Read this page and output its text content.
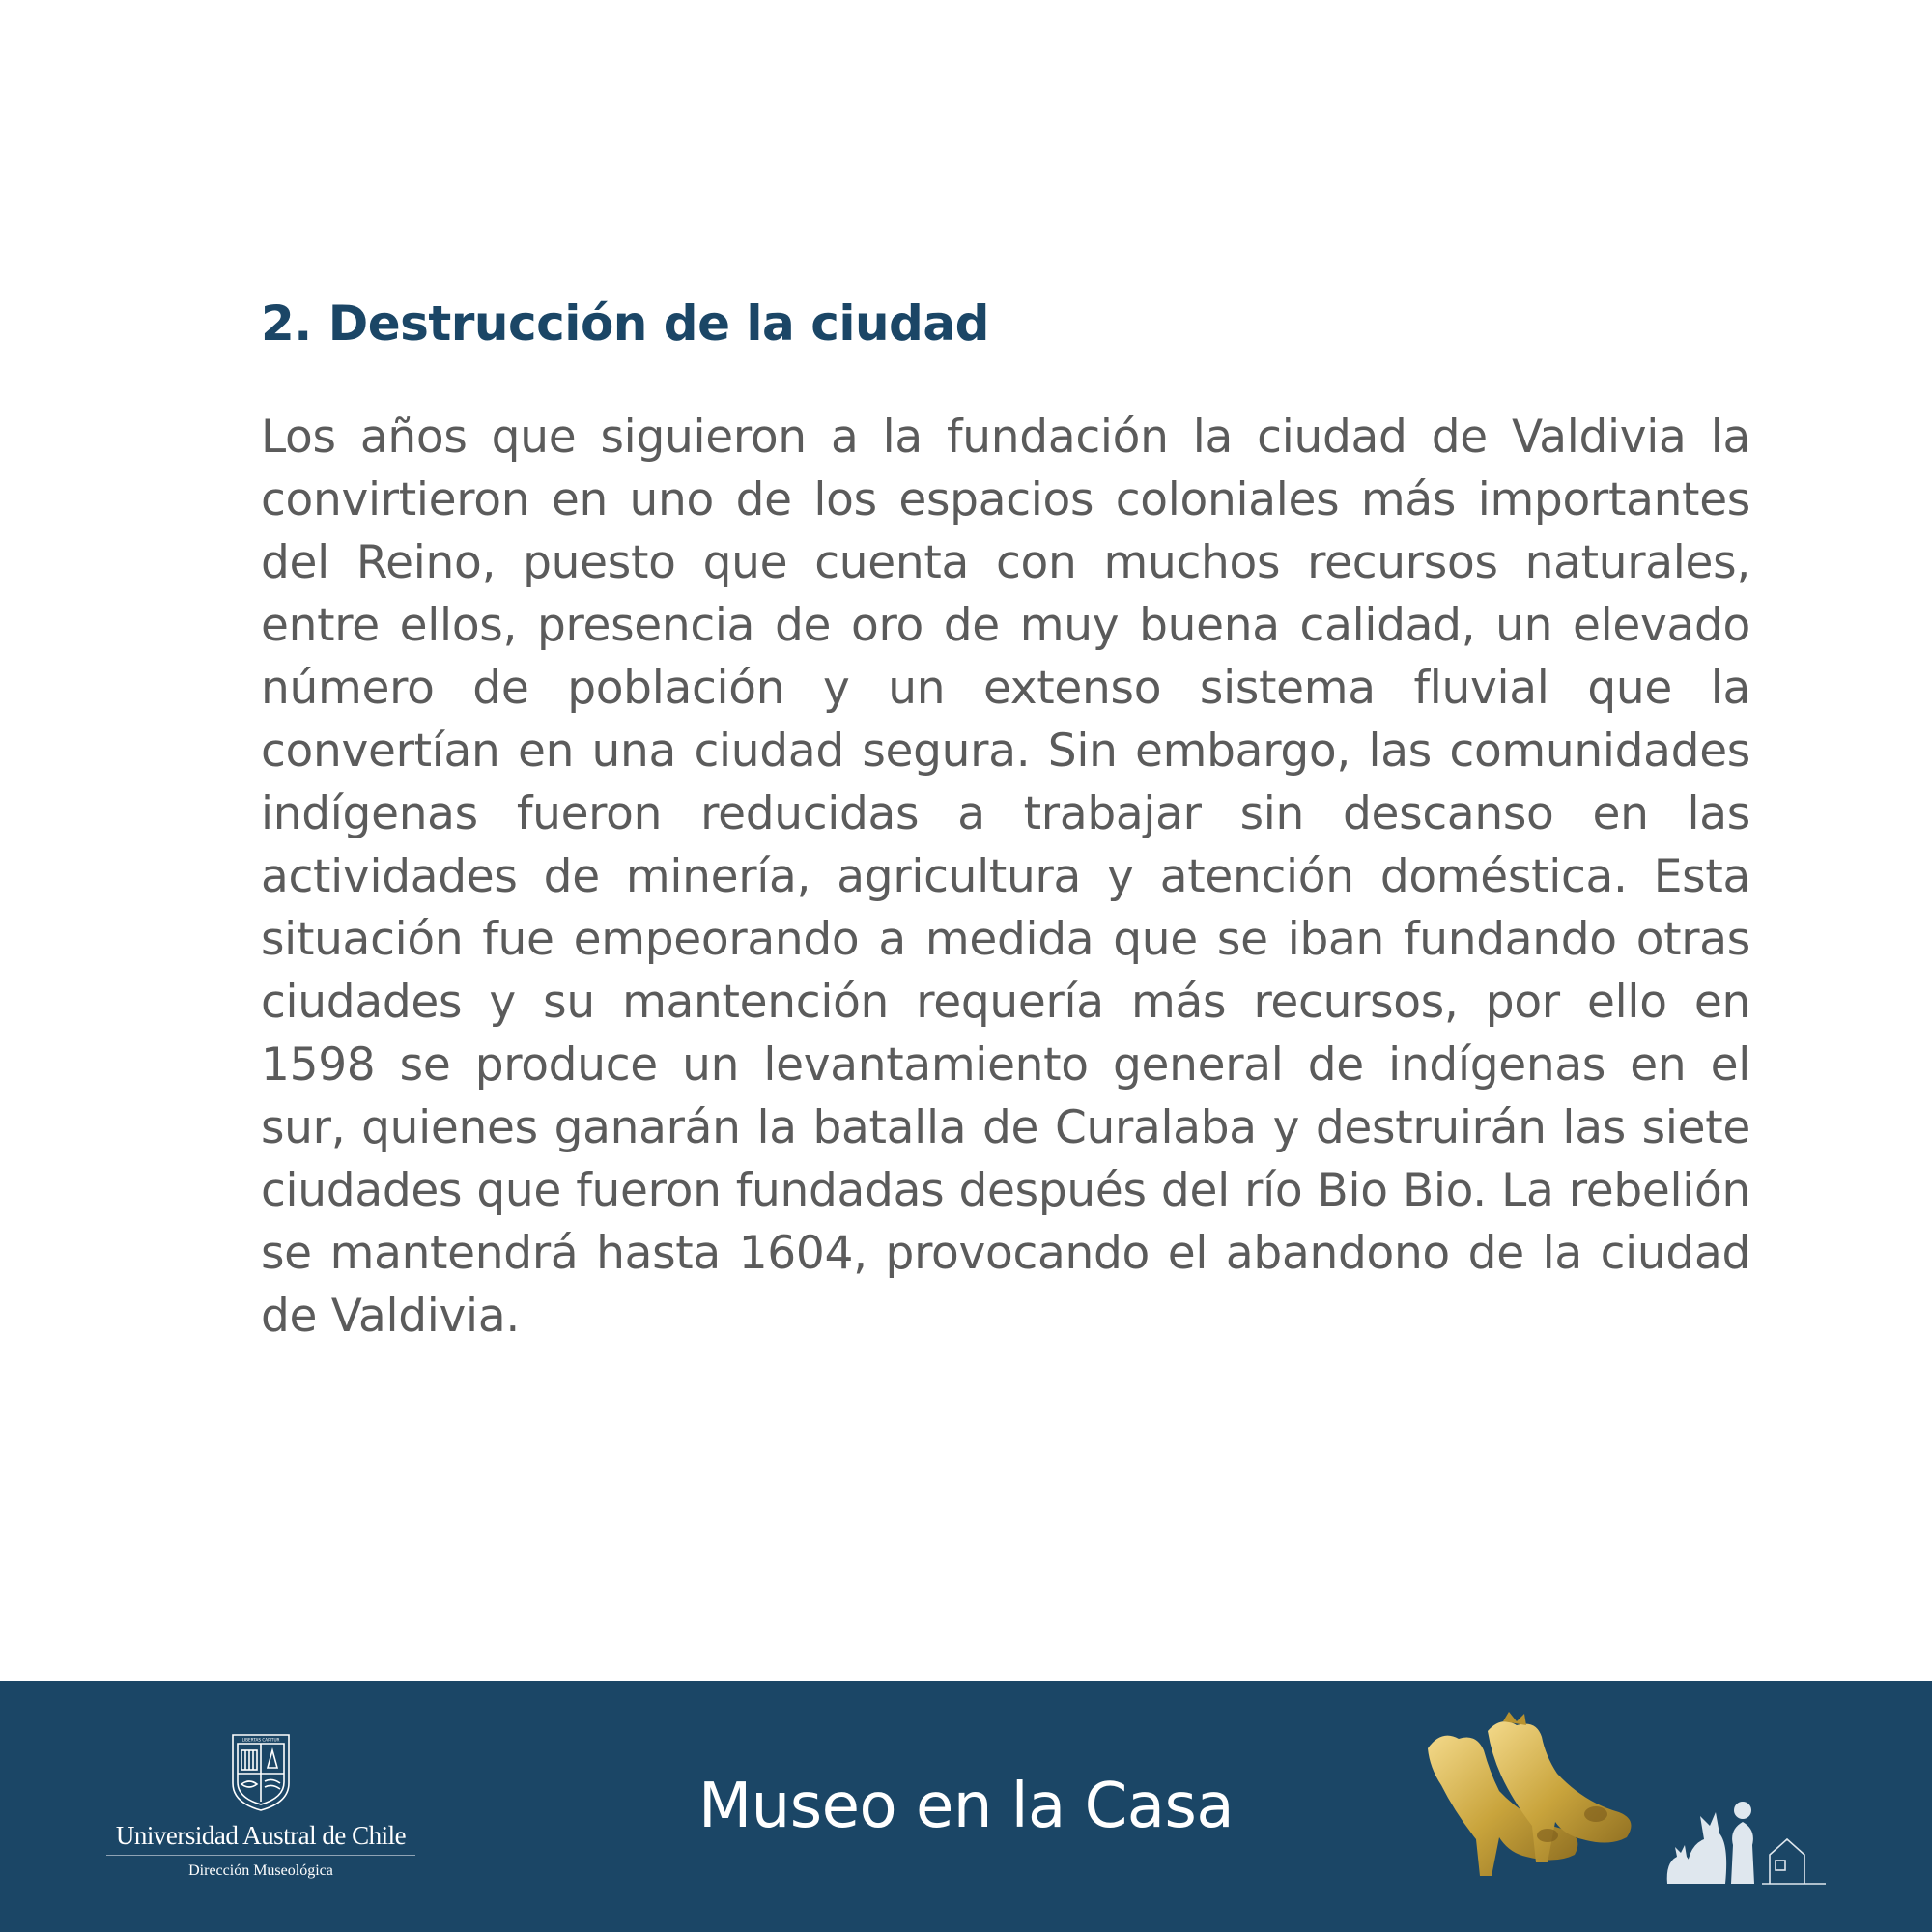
2. Destrucción de la ciudad

Los años que siguieron a la fundación la ciudad de Valdivia la convirtieron en uno de los espacios coloniales más importantes del Reino, puesto que cuenta con muchos recursos naturales, entre ellos, presencia de oro de muy buena calidad, un elevado número de población y un extenso sistema fluvial que la convertían en una ciudad segura. Sin embargo, las comunidades indígenas fueron reducidas a trabajar sin descanso en las actividades de minería, agricultura y atención doméstica. Esta situación fue empeorando a medida que se iban fundando otras ciudades y su mantención requería más recursos, por ello en 1598 se produce un levantamiento general de indígenas en el sur, quienes ganarán la batalla de Curalaba y destruirán las siete ciudades que fueron fundadas después del río Bio Bio. La rebelión se mantendrá hasta 1604, provocando el abandono de la ciudad de Valdivia.

LIBERTAS CAPITUR
Universidad Austral de Chile
Dirección Museológica
Museo en la Casa
